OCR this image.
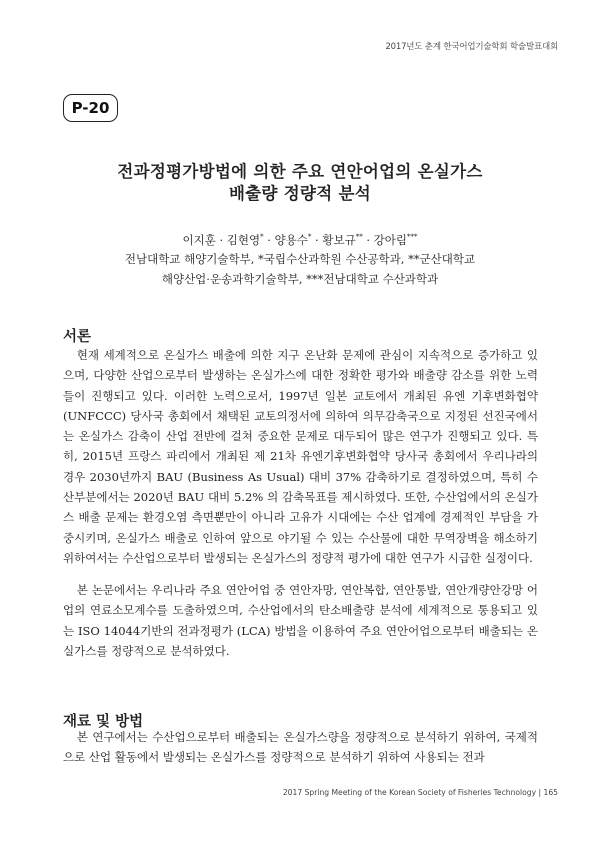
2017년도 춘계 한국어업기술학회 학술발표대회
P-20
전과정평가방법에 의한 주요 연안어업의 온실가스
배출량 정량적 분석
이지훈 · 김현영* · 양용수* · 황보규** · 강아림***
전남대학교 해양기술학부, *국립수산과학원 수산공학과, **군산대학교
해양산업·운송과학기술학부, ***전남대학교 수산과학과
서론

현재 세계적으로 온실가스 배출에 의한 지구 온난화 문제에 관심이 지속적으로 증가하고 있으며, 다양한 산업으로부터 발생하는 온실가스에 대한 정확한 평가와 배출량 감소를 위한 노력들이 진행되고 있다. 이러한 노력으로서, 1997년 일본 교토에서 개최된 유엔 기후변화협약 (UNFCCC) 당사국 총회에서 채택된 교토의정서에 의하여 의무감축국으로 지정된 선진국에서는 온실가스 감축이 산업 전반에 걸쳐 중요한 문제로 대두되어 많은 연구가 진행되고 있다. 특히, 2015년 프랑스 파리에서 개최된 제 21차 유엔기후변화협약 당사국 총회에서 우리나라의 경우 2030년까지 BAU (Business As Usual) 대비 37% 감축하기로 결정하였으며, 특히 수산부분에서는 2020년 BAU 대비 5.2% 의 감축목표를 제시하였다. 또한, 수산업에서의 온실가스 배출 문제는 환경오염 측면뿐만이 아니라 고유가 시대에는 수산 업계에 경제적인 부담을 가중시키며, 온실가스 배출로 인하여 앞으로 야기될 수 있는 수산물에 대한 무역장벽을 해소하기 위하여서는 수산업으로부터 발생되는 온실가스의 정량적 평가에 대한 연구가 시급한 실정이다.

본 논문에서는 우리나라 주요 연안어업 중 연안자망, 연안복합, 연안통발, 연안개량안강망 어업의 연료소모계수를 도출하였으며, 수산업에서의 탄소배출량 분석에 세계적으로 통용되고 있는 ISO 14044기반의 전과정평가 (LCA) 방법을 이용하여 주요 연안어업으로부터 배출되는 온실가스를 정량적으로 분석하였다.

재료 및 방법

본 연구에서는 수산업으로부터 배출되는 온실가스량을 정량적으로 분석하기 위하여, 국제적으로 산업 활동에서 발생되는 온실가스를 정량적으로 분석하기 위하여 사용되는 전과

2017 Spring Meeting of the Korean Society of Fisheries Technology | 165
